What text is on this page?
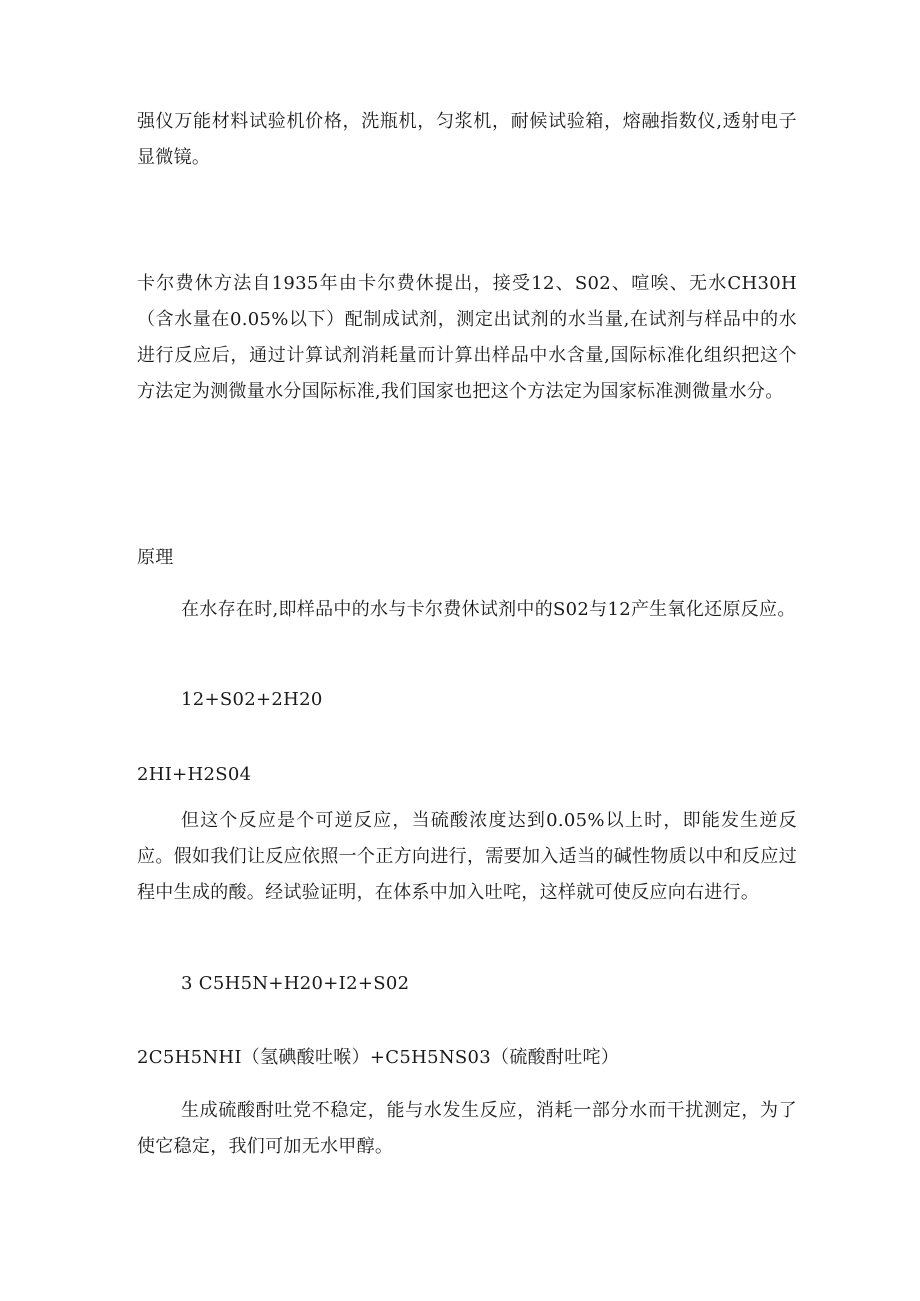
强仪万能材料试验机价格，洗瓶机，匀浆机，耐候试验箱，熔融指数仪,透射电子显微镜。

卡尔费休方法自1935年由卡尔费休提出，接受12、S02、喧唉、无水CH30H（含水量在0.05%以下）配制成试剂，测定出试剂的水当量,在试剂与样品中的水进行反应后，通过计算试剂消耗量而计算出样品中水含量,国际标准化组织把这个方法定为测微量水分国际标准,我们国家也把这个方法定为国家标准测微量水分。

原理

在水存在时,即样品中的水与卡尔费休试剂中的S02与12产生氧化还原反应。

12+S02+2H20

2HI+H2S04

但这个反应是个可逆反应，当硫酸浓度达到0.05%以上时，即能发生逆反应。假如我们让反应依照一个正方向进行，需要加入适当的碱性物质以中和反应过程中生成的酸。经试验证明，在体系中加入吐咤，这样就可使反应向右进行。

3 C5H5N+H20+I2+S02

2C5H5NHI（氢碘酸吐喉）+C5H5NS03（硫酸酎吐咤）

生成硫酸酎吐党不稳定，能与水发生反应，消耗一部分水而干扰测定，为了使它稳定，我们可加无水甲醇。
